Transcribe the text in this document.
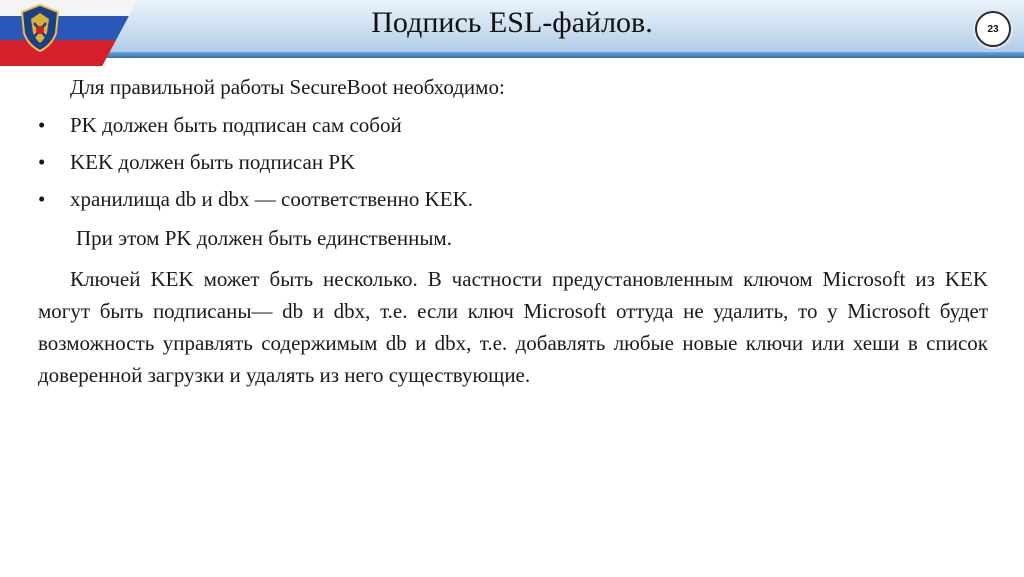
Подпись ESL-файлов.	23

Для правильной работы SecureBoot необходимо:

• PK должен быть подписан сам собой
• KEK должен быть подписан PK
• хранилища db и dbx — соответственно KEK.

При этом PK должен быть единственным.

Ключей KEK может быть несколько. В частности предустановленным ключом Microsoft из KEK могут быть подписаны— db и dbx, т.е. если ключ Microsoft оттуда не удалить, то у Microsoft будет возможность управлять содержимым db и dbx, т.е. добавлять любые новые ключи или хеши в список доверенной загрузки и удалять из него существующие.
